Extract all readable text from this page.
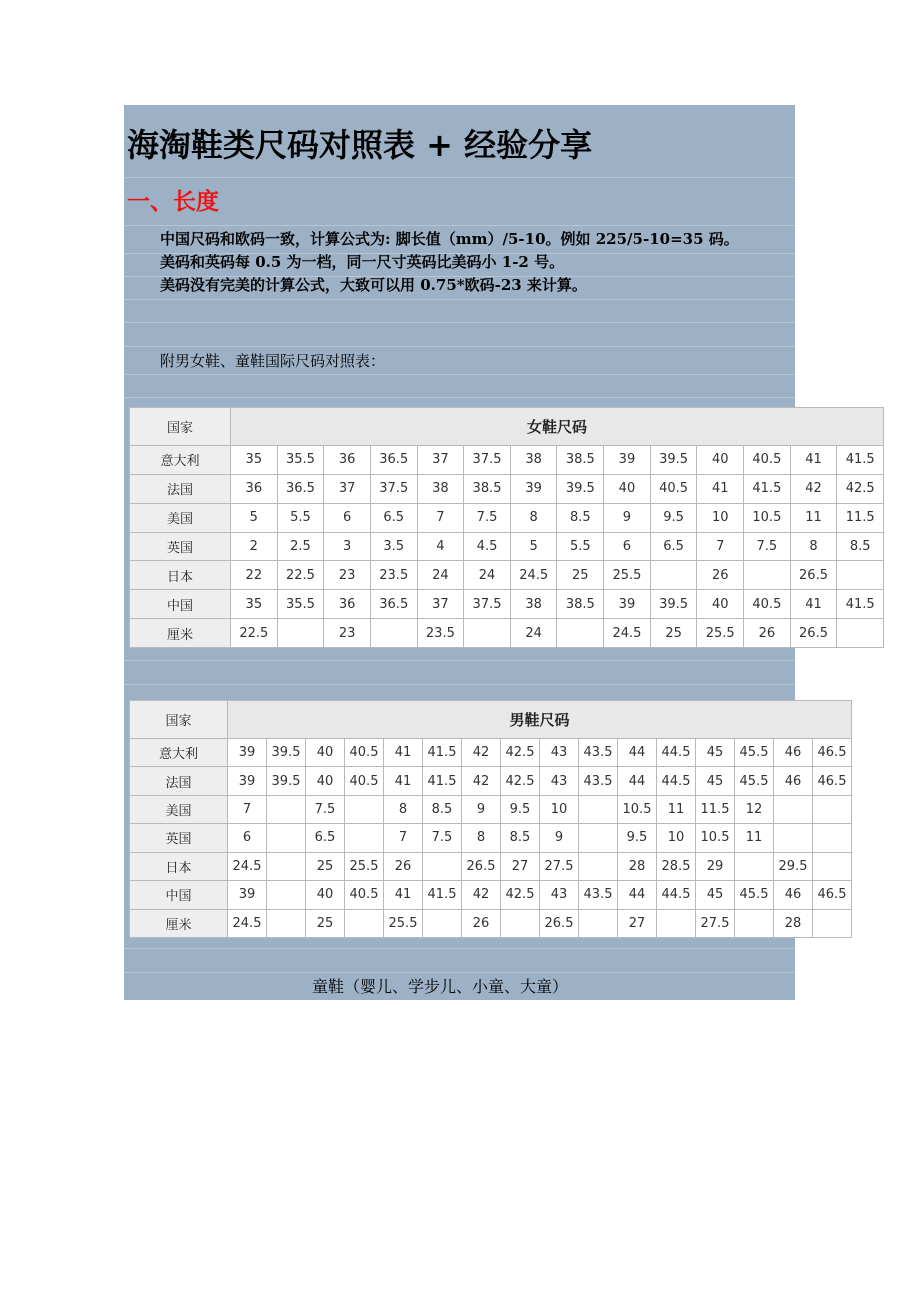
海淘鞋类尺码对照表 + 经验分享
一、长度

中国尺码和欧码一致，计算公式为: 脚长值（mm）/5-10。例如 225/5-10=35 码。

美码和英码每 0.5 为一档，同一尺寸英码比美码小 1-2 号。

美码没有完美的计算公式，大致可以用 0.75*欧码-23 来计算。

附男女鞋、童鞋国际尺码对照表：

国家	女鞋尺码													
意大利	35	35.5	36	36.5	37	37.5	38	38.5	39	39.5	40	40.5	41	41.5
法国	36	36.5	37	37.5	38	38.5	39	39.5	40	40.5	41	41.5	42	42.5
美国	5	5.5	6	6.5	7	7.5	8	8.5	9	9.5	10	10.5	11	11.5
英国	2	2.5	3	3.5	4	4.5	5	5.5	6	6.5	7	7.5	8	8.5
日本	22	22.5	23	23.5	24	24	24.5	25	25.5		26		26.5	
中国	35	35.5	36	36.5	37	37.5	38	38.5	39	39.5	40	40.5	41	41.5
厘米	22.5		23		23.5		24		24.5	25	25.5	26	26.5	
国家	男鞋尺码															
意大利	39	39.5	40	40.5	41	41.5	42	42.5	43	43.5	44	44.5	45	45.5	46	46.5
法国	39	39.5	40	40.5	41	41.5	42	42.5	43	43.5	44	44.5	45	45.5	46	46.5
美国	7		7.5		8	8.5	9	9.5	10		10.5	11	11.5	12		
英国	6		6.5		7	7.5	8	8.5	9		9.5	10	10.5	11		
日本	24.5		25	25.5	26		26.5	27	27.5		28	28.5	29		29.5	
中国	39		40	40.5	41	41.5	42	42.5	43	43.5	44	44.5	45	45.5	46	46.5
厘米	24.5		25		25.5		26		26.5		27		27.5		28	

童鞋（婴儿、学步儿、小童、大童）
